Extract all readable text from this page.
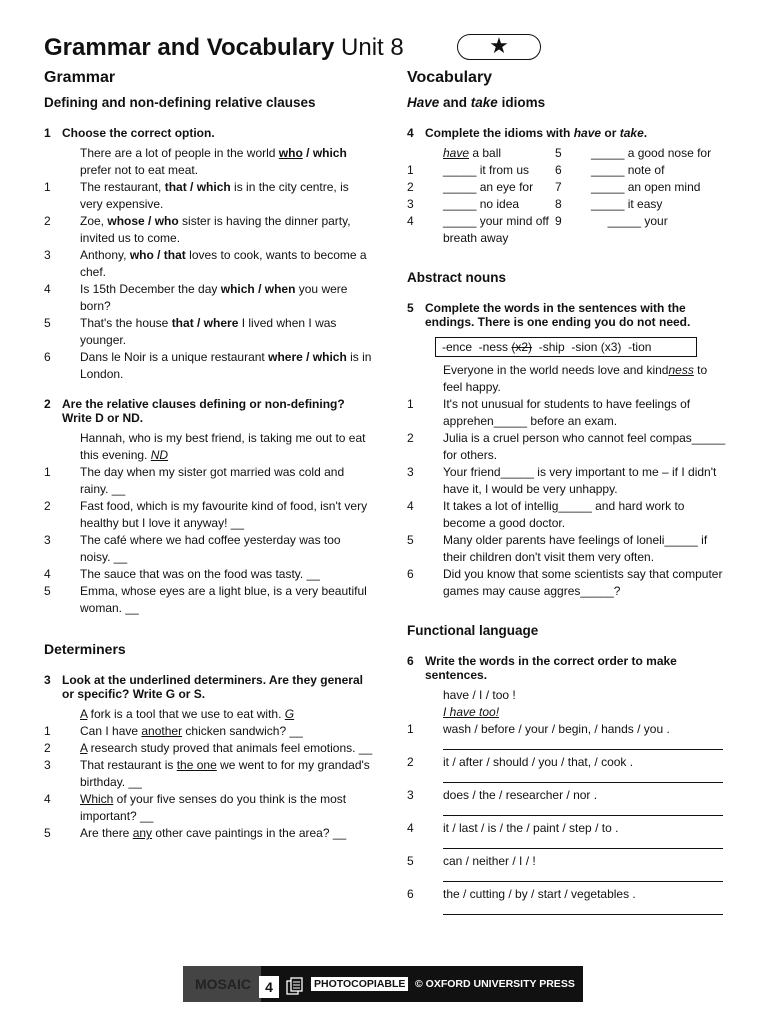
Grammar and Vocabulary Unit 8	★
Grammar
Defining and non-defining relative clauses
1 Choose the correct option.
There are a lot of people in the world who / which prefer not to eat meat.
1	The restaurant, that / which is in the city centre, is very expensive.
2	Zoe, whose / who sister is having the dinner party, invited us to come.
3	Anthony, who / that loves to cook, wants to become a chef.
4	Is 15th December the day which / when you were born?
5	That's the house that / where I lived when I was younger.
6	Dans le Noir is a unique restaurant where / which is in London.
2 Are the relative clauses defining or non-defining? Write D or ND.
Hannah, who is my best friend, is taking me out to eat this evening. ND
1	The day when my sister got married was cold and rainy. __
2	Fast food, which is my favourite kind of food, isn't very healthy but I love it anyway! __
3	The café where we had coffee yesterday was too noisy. __
4	The sauce that was on the food was tasty. __
5	Emma, whose eyes are a light blue, is a very beautiful woman. __
Determiners
3 Look at the underlined determiners. Are they general or specific? Write G or S.
A fork is a tool that we use to eat with. G
1	Can I have another chicken sandwich? __
2	A research study proved that animals feel emotions. __
3	That restaurant is the one we went to for my grandad's birthday. __
4	Which of your five senses do you think is the most important? __
5	Are there any other cave paintings in the area? __
Vocabulary
Have and take idioms
4 Complete the idioms with have or take.
have a ball	5	_____ a good nose for
1	_____ it from us	6	_____ note of
2	_____ an eye for	7	_____ an open mind
3	_____ no idea	8	_____ it easy
4	_____ your mind off 9	_____ your
breath away
Abstract nouns
5 Complete the words in the sentences with the endings. There is one ending you do not need.
-ence  -ness (x2)  -ship  -sion (x3)  -tion
Everyone in the world needs love and kindness to feel happy.
1	It's not unusual for students to have feelings of apprehen_____ before an exam.
2	Julia is a cruel person who cannot feel compas_____ for others.
3	Your friend_____ is very important to me – if I didn't have it, I would be very unhappy.
4	It takes a lot of intellig_____ and hard work to become a good doctor.
5	Many older parents have feelings of loneli_____ if their children don't visit them very often.
6	Did you know that some scientists say that computer games may cause aggres_____?
Functional language
6 Write the words in the correct order to make sentences.
have / I / too !
I have too!
1	wash / before / your / begin, / hands / you .
2	it / after / should / you / that, / cook .
3	does / the / researcher / nor .
4	it / last / is / the / paint / step / to .
5	can / neither / I / !
6	the / cutting / by / start / vegetables .
MOSAIC	4	PHOTOCOPIABLE © OXFORD UNIVERSITY PRESS
